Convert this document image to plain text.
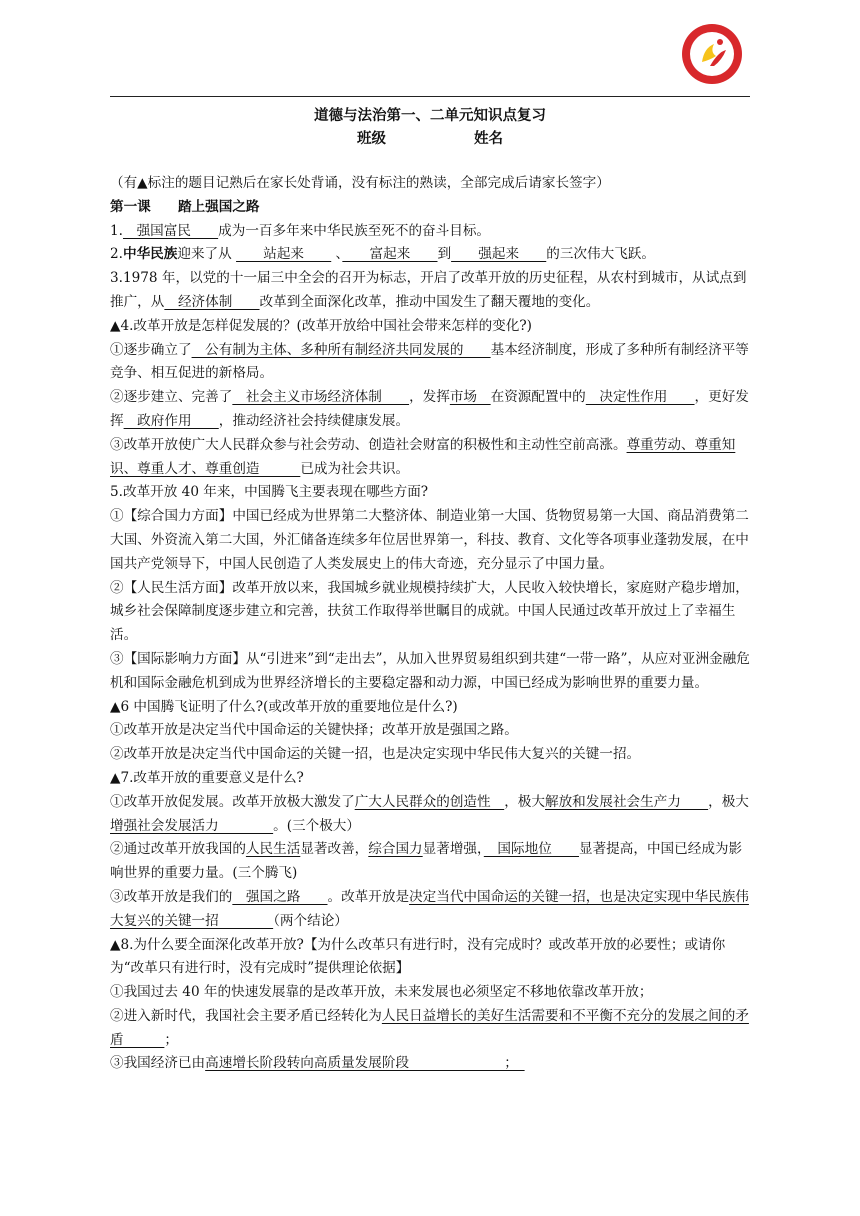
道德与法治第一、二单元知识点复习

班级	姓名

（有▲标注的题目记熟后在家长处背诵，没有标注的熟读，全部完成后请家长签字）

第一课　　踏上强国之路

1.　强国富民　　成为一百多年来中华民族至死不的奋斗目标。

2.中华民族迎来了从 　　站起来　　 、　　富起来　　到　　强起来　　的三次伟大飞跃。

3.1978 年，以党的十一届三中全会的召开为标志，开启了改革开放的历史征程，从农村到城市，从试点到推广，从　经济体制　　改革到全面深化改革，推动中国发生了翻天覆地的变化。

▲4.改革开放是怎样促发展的？(改革开放给中国社会带来怎样的变化?)

①逐步确立了　公有制为主体、多种所有制经济共同发展的　　基本经济制度，形成了多种所有制经济平等竞争、相互促进的新格局。

②逐步建立、完善了　社会主义市场经济体制　　，发挥市场　在资源配置中的　决定性作用　　，更好发挥　政府作用　　，推动经济社会持续健康发展。

③改革开放使广大人民群众参与社会劳动、创造社会财富的积极性和主动性空前高涨。尊重劳动、尊重知识、尊重人才、尊重创造　　　已成为社会共识。

5.改革开放 40 年来，中国腾飞主要表现在哪些方面?

①【综合国力方面】中国已经成为世界第二大整济体、制造业第一大国、货物贸易第一大国、商品消费第二大国、外资流入第二大国，外汇储备连续多年位居世界第一，科技、教育、文化等各项事业蓬勃发展，在中国共产党领导下，中国人民创造了人类发展史上的伟大奇迹，充分显示了中国力量。

②【人民生活方面】改革开放以来，我国城乡就业规模持续扩大，人民收入较快增长，家庭财产稳步增加，城乡社会保障制度逐步建立和完善，扶贫工作取得举世瞩目的成就。中国人民通过改革开放过上了幸福生活。

③【国际影响力方面】从“引进来”到“走出去”，从加入世界贸易组织到共建“一带一路”，从应对亚洲金融危机和国际金融危机到成为世界经济增长的主要稳定器和动力源，中国已经成为影响世界的重要力量。

▲6 中国腾飞证明了什么?(或改革开放的重要地位是什么?)

①改革开放是决定当代中国命运的关键快择；改革开放是强国之路。

②改革开放是决定当代中国命运的关键一招，也是决定实现中华民伟大复兴的关键一招。

▲7.改革开放的重要意义是什么?

①改革开放促发展。改革开放极大激发了广大人民群众的创造性　，极大解放和发展社会生产力　　，极大增强社会发展活力　　　　。(三个极大）

②通过改革开放我国的人民生活显著改善，综合国力显著增强，　国际地位　　显著提高，中国已经成为影响世界的重要力量。(三个腾飞)

③改革开放是我们的　强国之路　　。改革开放是决定当代中国命运的关键一招，也是决定实现中华民族伟大复兴的关键一招　　　　（两个结论）

▲8.为什么要全面深化改革开放?【为什么改革只有进行时，没有完成时？或改革开放的必要性；或请你为“改革只有进行时，没有完成时”提供理论依据】

①我国过去 40 年的快速发展靠的是改革开放，未来发展也必须坚定不移地依靠改革开放；

②进入新时代，我国社会主要矛盾已经转化为人民日益增长的美好生活需要和不平衡不充分的发展之间的矛盾　　　；

③我国经济已由高速增长阶段转向高质量发展阶段　　　　　　　；　
